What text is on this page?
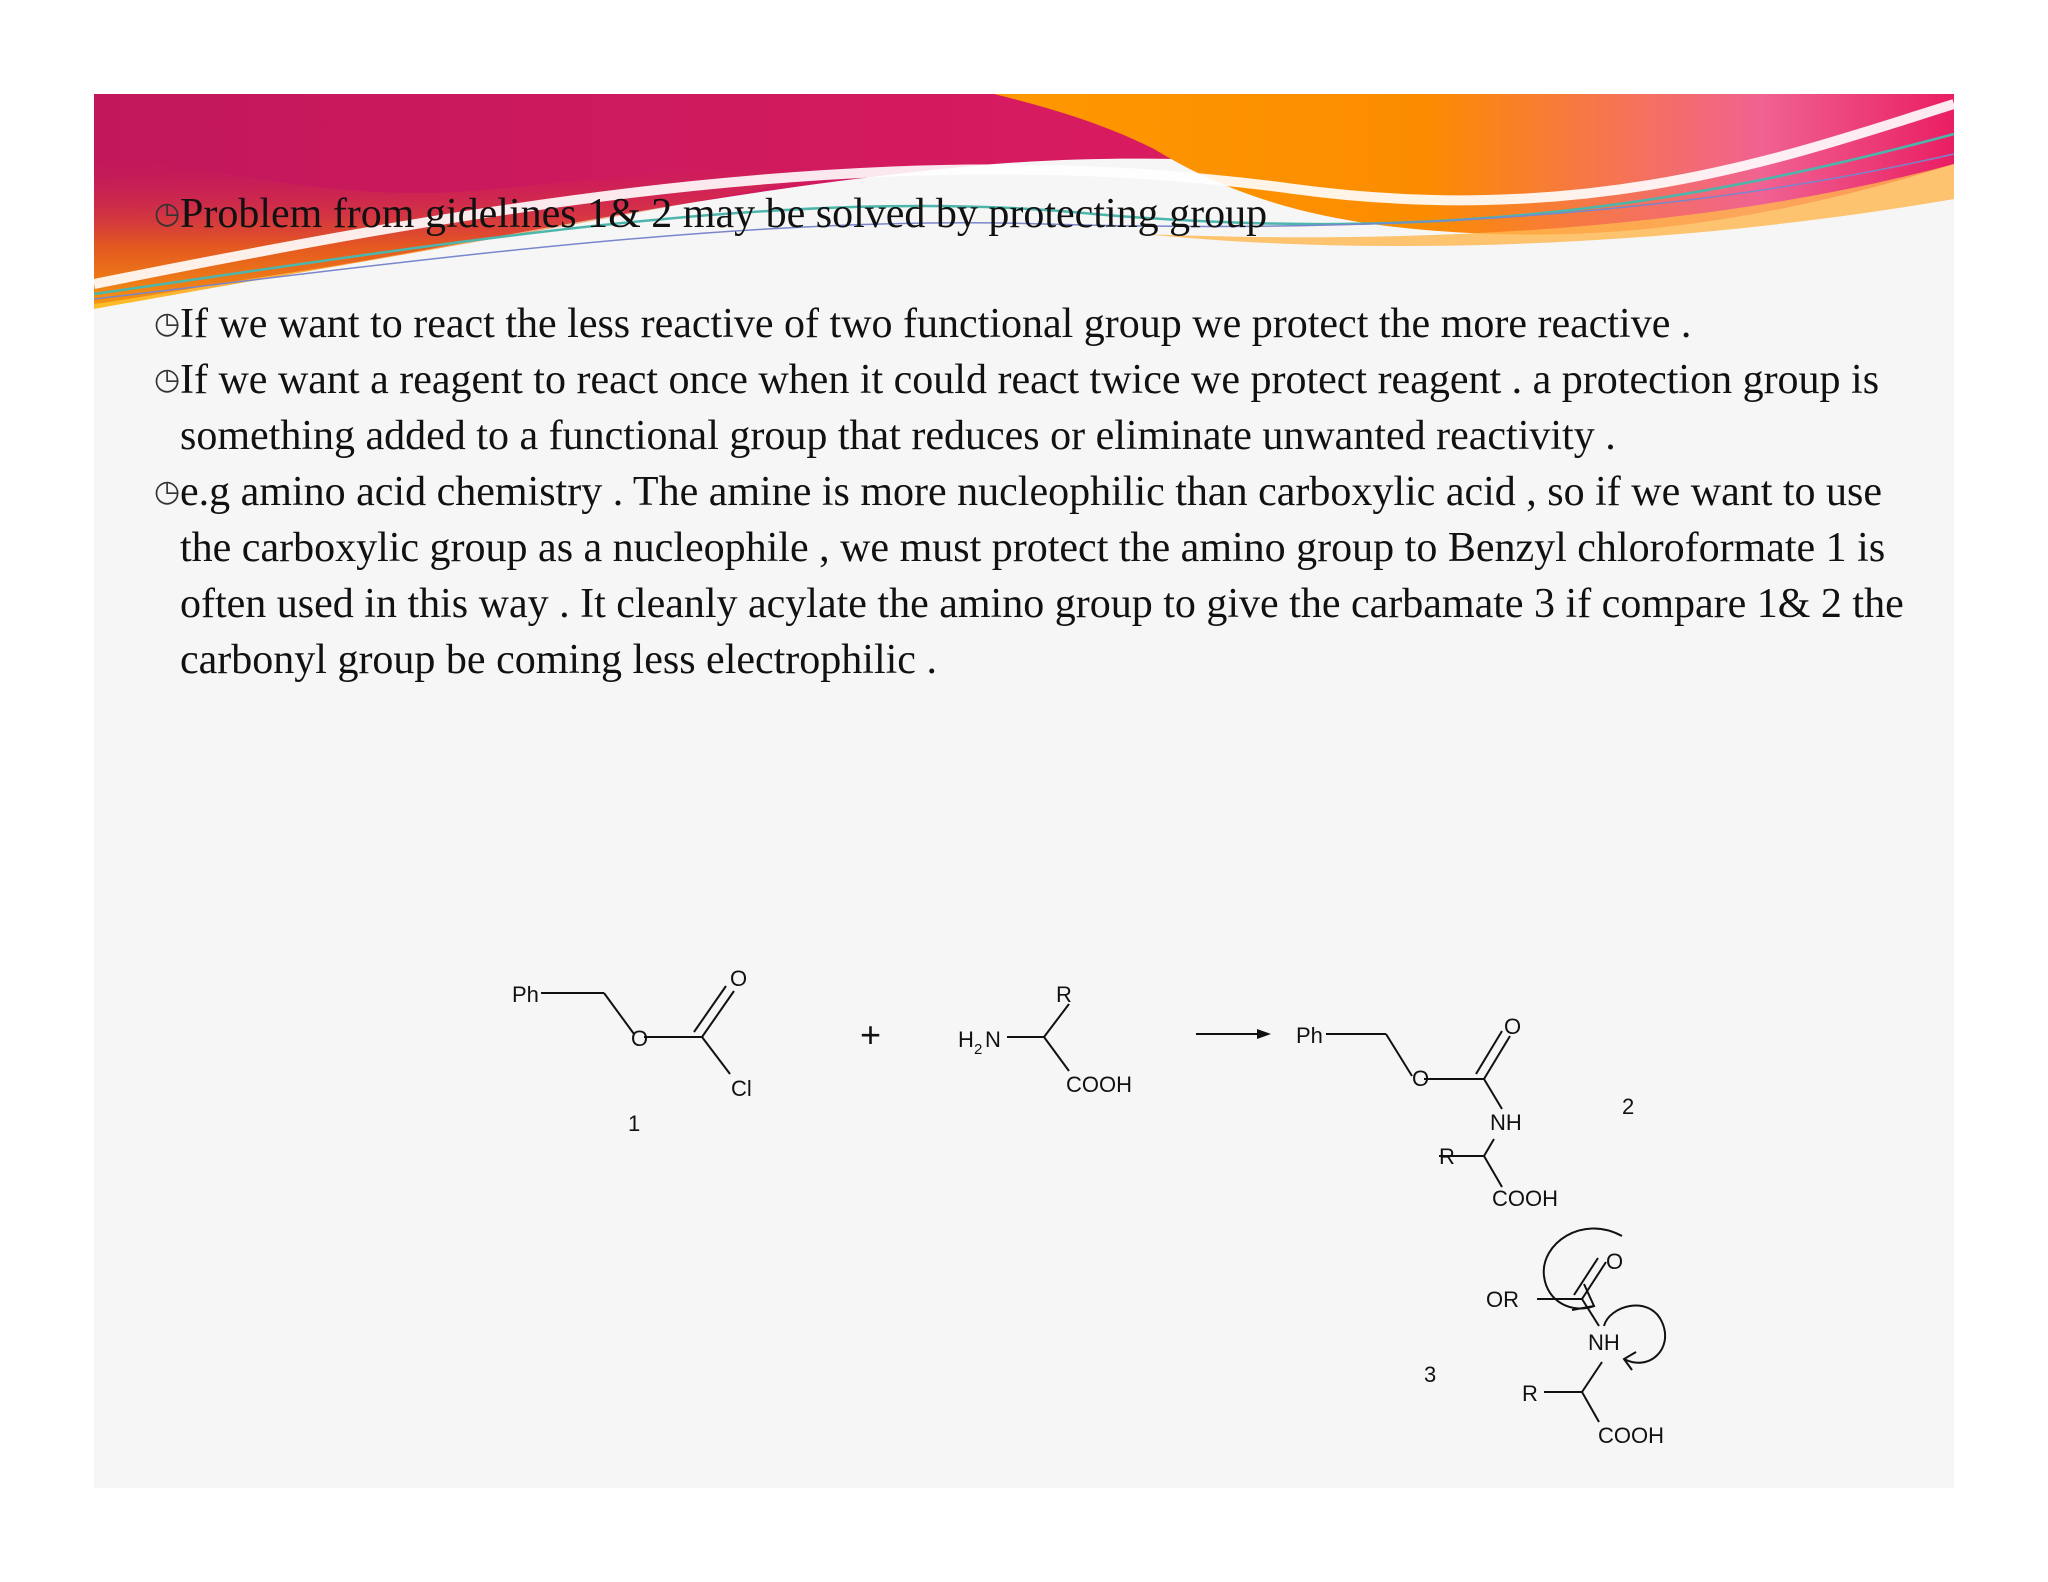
◷ Problem from gidelines 1& 2 may be solved by protecting group
◷ If we want to react the less reactive of two functional group we protect the more reactive .
◷ If we want a reagent to react once when it could react twice we protect reagent . a protection group is something added to a functional group that reduces or eliminate unwanted reactivity .
◷ e.g amino acid chemistry . The amine is more nucleophilic than carboxylic acid , so if we want to use the carboxylic group as a nucleophile , we must protect the amino group to Benzyl chloroformate 1 is often used in this way . It cleanly acylate the amino group to give the carbamate 3 if compare 1& 2 the carbonyl group be coming less electrophilic .
Ph
O
O
Cl
1
+
R
H 2 N
COOH
Ph
O
O
NH
R
COOH
2
O
OR
NH
R
COOH
3
